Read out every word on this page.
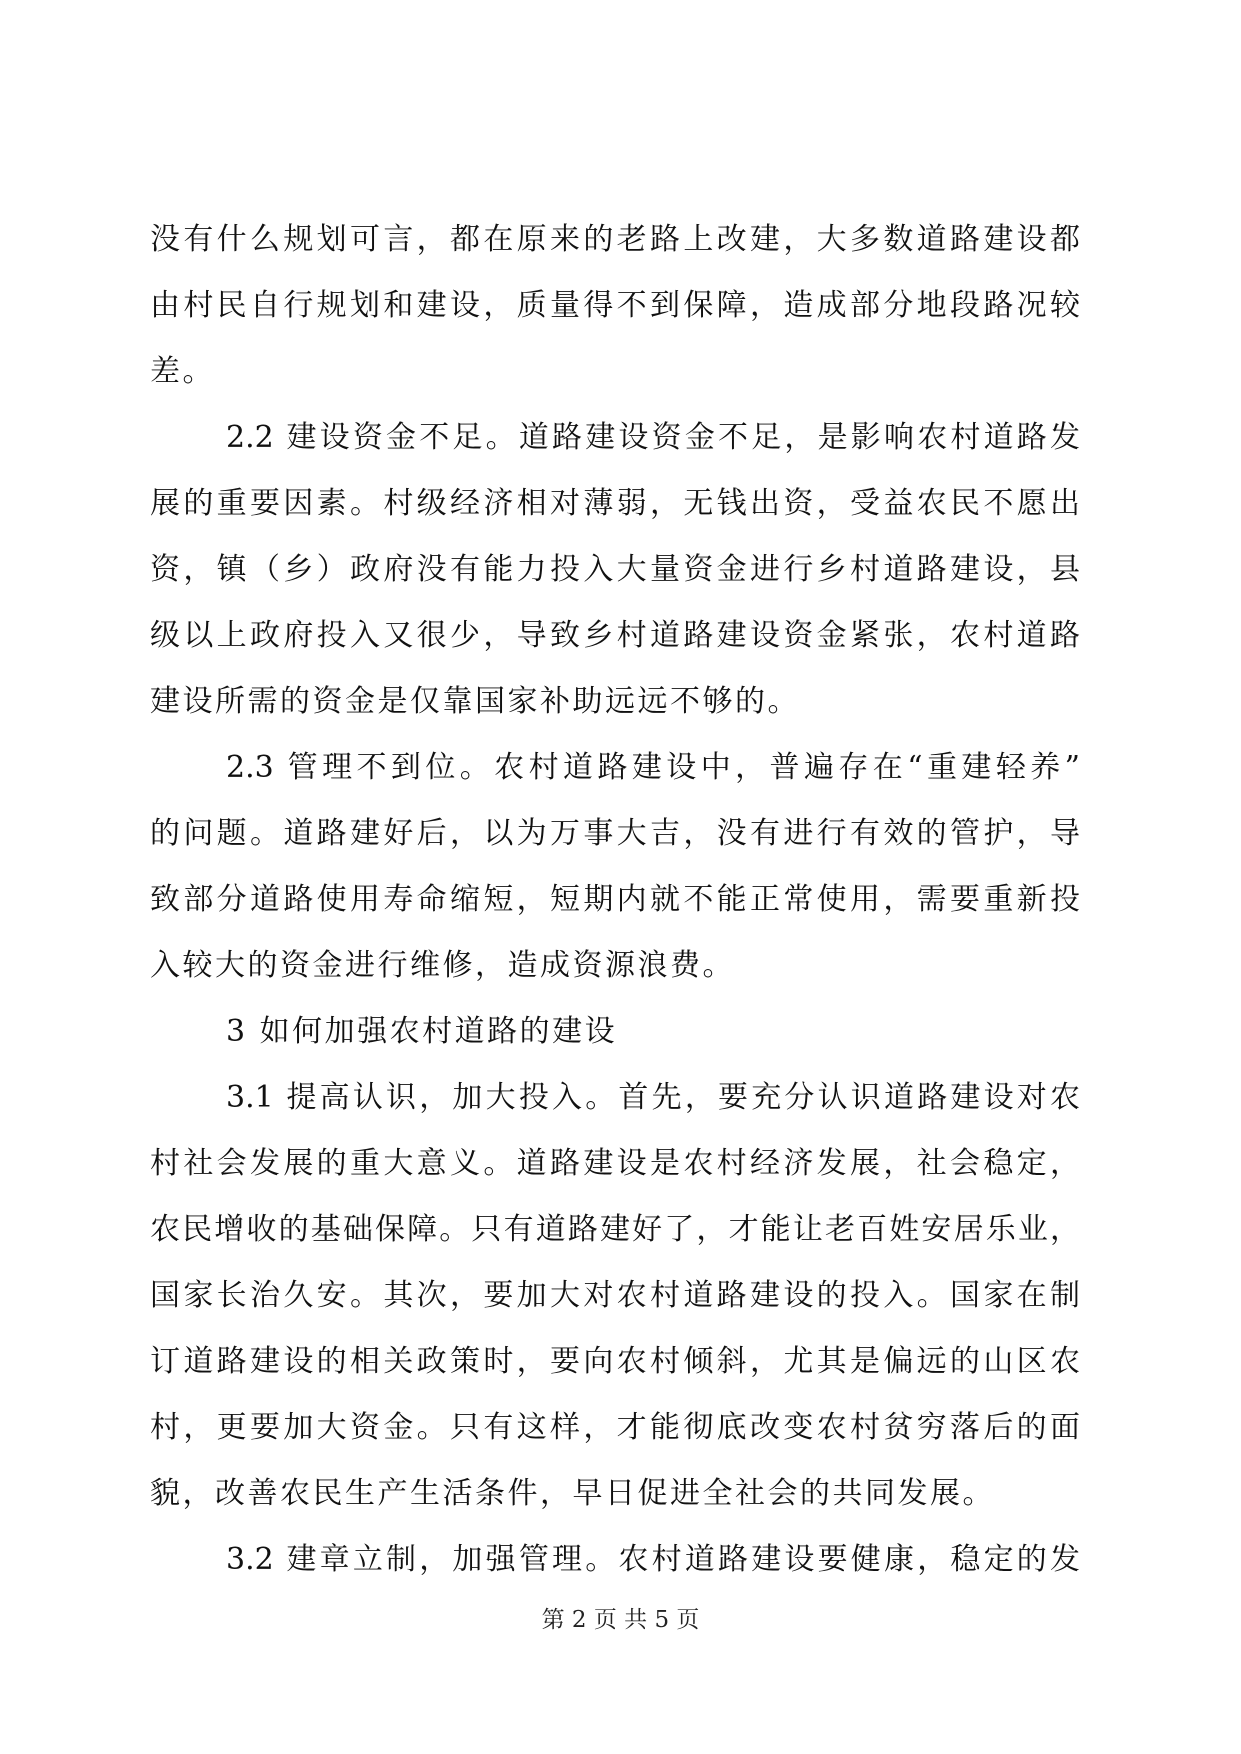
没有什么规划可言，都在原来的老路上改建，大多数道路建设都
由村民自行规划和建设，质量得不到保障，造成部分地段路况较
差。
2.2 建设资金不足。道路建设资金不足，是影响农村道路发
展的重要因素。村级经济相对薄弱，无钱出资，受益农民不愿出
资，镇（乡）政府没有能力投入大量资金进行乡村道路建设，县
级以上政府投入又很少，导致乡村道路建设资金紧张，农村道路
建设所需的资金是仅靠国家补助远远不够的。
2.3 管理不到位。农村道路建设中，普遍存在“重建轻养”
的问题。道路建好后，以为万事大吉，没有进行有效的管护，导
致部分道路使用寿命缩短，短期内就不能正常使用，需要重新投
入较大的资金进行维修，造成资源浪费。
3 如何加强农村道路的建设
3.1 提高认识，加大投入。首先，要充分认识道路建设对农
村社会发展的重大意义。道路建设是农村经济发展，社会稳定，
农民增收的基础保障。只有道路建好了，才能让老百姓安居乐业，
国家长治久安。其次，要加大对农村道路建设的投入。国家在制
订道路建设的相关政策时，要向农村倾斜，尤其是偏远的山区农
村，更要加大资金。只有这样，才能彻底改变农村贫穷落后的面
貌，改善农民生产生活条件，早日促进全社会的共同发展。
3.2 建章立制，加强管理。农村道路建设要健康，稳定的发
第 2 页 共 5 页
